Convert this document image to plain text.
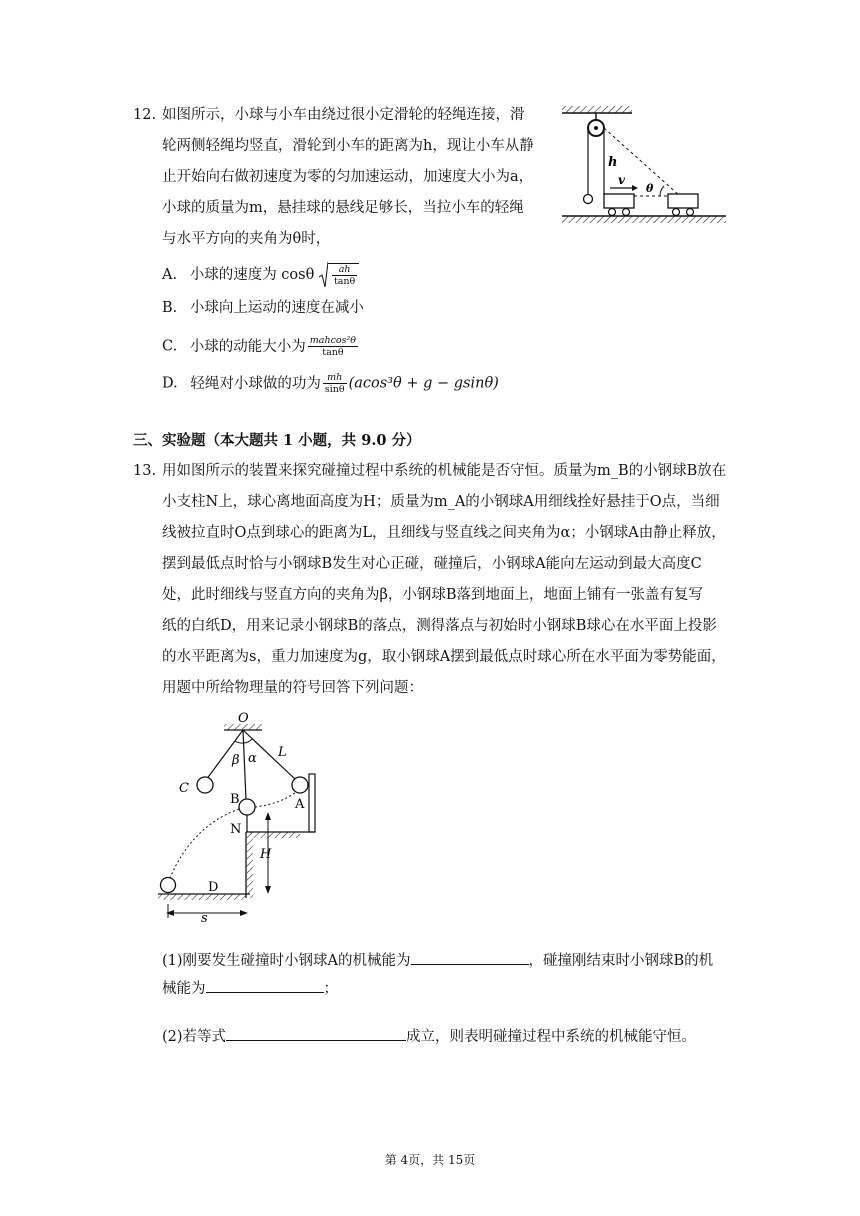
12. 如图所示，小球与小车由绕过很小定滑轮的轻绳连接，滑
轮两侧轻绳均竖直，滑轮到小车的距离为h，现让小车从静
止开始向右做初速度为零的匀加速运动，加速度大小为a，
小球的质量为m，悬挂球的悬线足够长，当拉小车的轻绳
与水平方向的夹角为θ时，
h
v
θ
A. 小球的速度为 cosθ $\frac{ah}{\tan\theta}$
B. 小球向上运动的速度在减小
C. 小球的动能大小为 $\frac{\text{mahcos²θ}}{\tan\theta}$
D. 轻绳对小球做的功为 $\frac{mh}{\sin\theta} (acos^3\theta + g - gsin\theta)$
三、实验题（本大题共 1 小题，共 9.0 分）
13. 用如图所示的装置来探究碰撞过程中系统的机械能是否守恒。质量为m_B的小钢球B放在
小支柱N上，球心离地面高度为H；质量为m_A的小钢球A用细线拴好悬挂于O点，当细
线被拉直时O点到球心的距离为L，且细线与竖直线之间夹角为α；小钢球A由静止释放，
摆到最低点时恰与小钢球B发生对心正碰，碰撞后，小钢球A能向左运动到最大高度C
处，此时细线与竖直方向的夹角为β，小钢球B落到地面上，地面上铺有一张盖有复写
纸的白纸D，用来记录小钢球B的落点，测得落点与初始时小钢球B球心在水平面上投影
的水平距离为s，重力加速度为g，取小钢球A摆到最低点时球心所在水平面为零势能面，
用题中所给物理量的符号回答下列问题：
O
L
β α
C
B	A
N
H
D
s
(1)刚要发生碰撞时小钢球A的机械能为	，碰撞刚结束时小钢球B的机
械能为	；
(2)若等式	成立，则表明碰撞过程中系统的机械能守恒。
第 4页，共 15页
